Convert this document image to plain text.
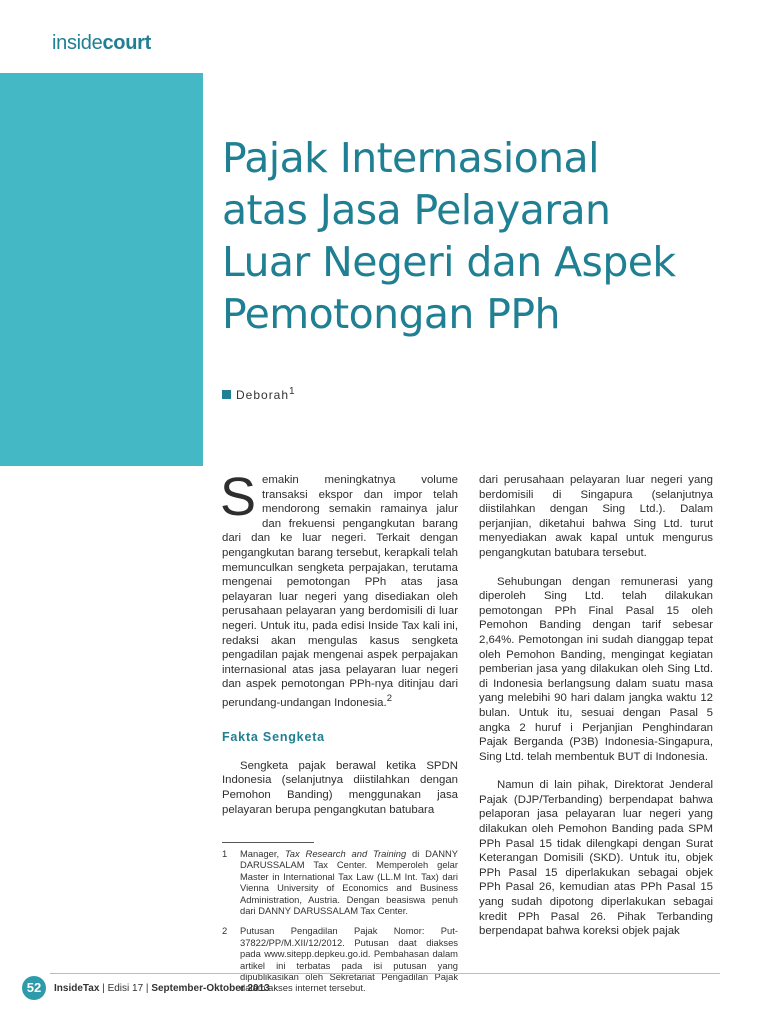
insidecourt
Pajak Internasional
atas Jasa Pelayaran
Luar Negeri dan Aspek
Pemotongan PPh
Deborah$^1$

Semakin meningkatnya volume transaksi ekspor dan impor telah mendorong semakin ramainya jalur dan frekuensi pengangkutan barang dari dan ke luar negeri. Terkait dengan pengangkutan barang tersebut, kerapkali telah memunculkan sengketa perpajakan, terutama mengenai pemotongan PPh atas jasa pelayaran luar negeri yang disediakan oleh perusahaan pelayaran yang berdomisili di luar negeri. Untuk itu, pada edisi Inside Tax kali ini, redaksi akan mengulas kasus sengketa pengadilan pajak mengenai aspek perpajakan internasional atas jasa pelayaran luar negeri dan aspek pemotongan PPh-nya ditinjau dari perundang-undangan Indonesia.$^2$

Fakta Sengketa

Sengketa pajak berawal ketika SPDN Indonesia (selanjutnya diistilahkan dengan Pemohon Banding) menggunakan jasa pelayaran berupa pengangkutan batubara

dari perusahaan pelayaran luar negeri yang berdomisili di Singapura (selanjutnya diistilahkan dengan Sing Ltd.). Dalam perjanjian, diketahui bahwa Sing Ltd. turut menyediakan awak kapal untuk mengurus pengangkutan batubara tersebut.

Sehubungan dengan remunerasi yang diperoleh Sing Ltd. telah dilakukan pemotongan PPh Final Pasal 15 oleh Pemohon Banding dengan tarif sebesar 2,64%. Pemotongan ini sudah dianggap tepat oleh Pemohon Banding, mengingat kegiatan pemberian jasa yang dilakukan oleh Sing Ltd. di Indonesia berlangsung dalam suatu masa yang melebihi 90 hari dalam jangka waktu 12 bulan. Untuk itu, sesuai dengan Pasal 5 angka 2 huruf i Perjanjian Penghindaran Pajak Berganda (P3B) Indonesia-Singapura, Sing Ltd. telah membentuk BUT di Indonesia.

Namun di lain pihak, Direktorat Jenderal Pajak (DJP/Terbanding) berpendapat bahwa pelaporan jasa pelayaran luar negeri yang dilakukan oleh Pemohon Banding pada SPM PPh Pasal 15 tidak dilengkapi dengan Surat Keterangan Domisili (SKD). Untuk itu, objek PPh Pasal 15 diperlakukan sebagai objek PPh Pasal 26, kemudian atas PPh Pasal 15 yang sudah dipotong diperlakukan sebagai kredit PPh Pasal 26. Pihak Terbanding berpendapat bahwa koreksi objek pajak

1	Manager, Tax Research and Training di DANNY DARUSSALAM Tax Center. Memperoleh gelar Master in International Tax Law (LL.M Int. Tax) dari Vienna University of Economics and Business Administration, Austria. Dengan beasiswa penuh dari DANNY DARUSSALAM Tax Center.
2	Putusan Pengadilan Pajak Nomor: Put-37822/PP/M.XII/12/2012. Putusan daat diakses pada www.sitepp.depkeu.go.id. Pembahasan dalam artikel ini terbatas pada isi putusan yang dipublikasikan oleh Sekretariat Pengadilan Pajak dalam akses internet tersebut.
52	InsideTax | Edisi 17 | September-Oktober 2013
